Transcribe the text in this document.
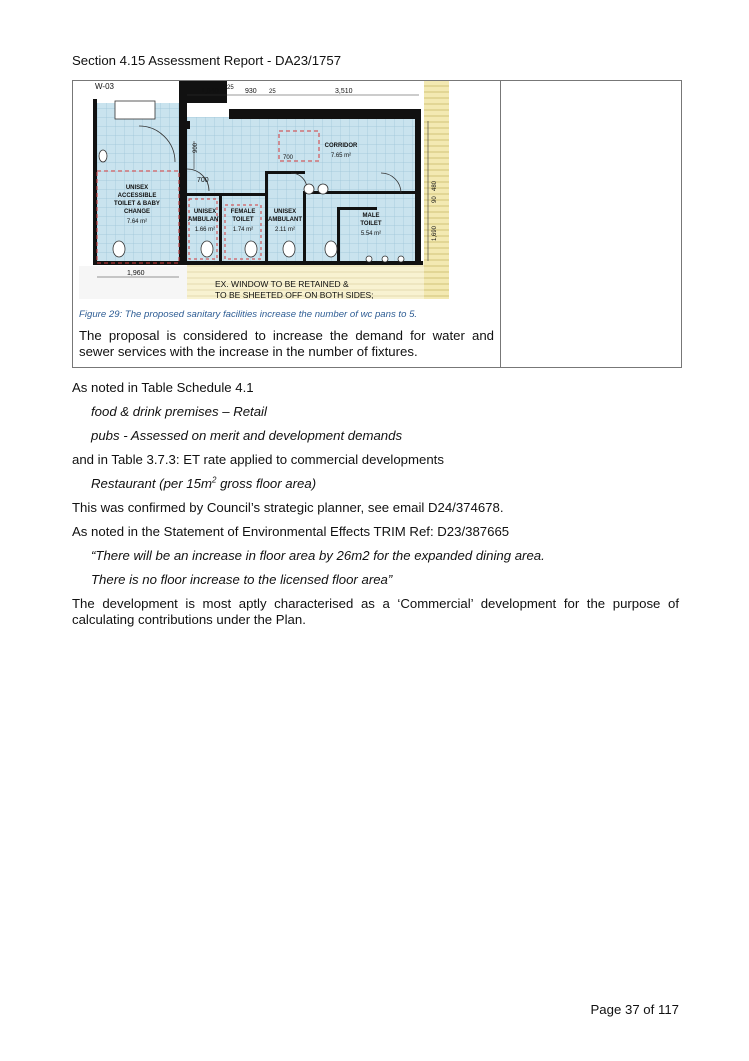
Section 4.15 Assessment Report - DA23/1757
W-03
1,040 25 930 25	3,510
900
700
700
1,690
90
480
1,960
UNISEX
ACCESSIBLE
TOILET & BABY
CHANGE
7.64 m²
UNISEX
AMBULANT
1.66 m²
FEMALE
TOILET
1.74 m²
UNISEX
AMBULANT
2.11 m²
MALE
TOILET
5.54 m²
CORRIDOR
7.65 m²
EX. WINDOW TO BE RETAINED &
TO BE SHEETED OFF ON BOTH SIDES;
Figure 29: The proposed sanitary facilities increase the number of wc pans to 5.
The proposal is considered to increase the demand for water and sewer services with the increase in the number of fixtures.

As noted in Table Schedule 4.1
food & drink premises – Retail
pubs - Assessed on merit and development demands
and in Table 3.7.3: ET rate applied to commercial developments
Restaurant (per $15m^2$ gross floor area)
This was confirmed by Council’s strategic planner, see email D24/374678.
As noted in the Statement of Environmental Effects TRIM Ref: D23/387665
“There will be an increase in floor area by 26m2 for the expanded dining area.
There is no floor increase to the licensed floor area”
The development is most aptly characterised as a ‘Commercial’ development for the purpose of calculating contributions under the Plan.
Page 37 of 117
